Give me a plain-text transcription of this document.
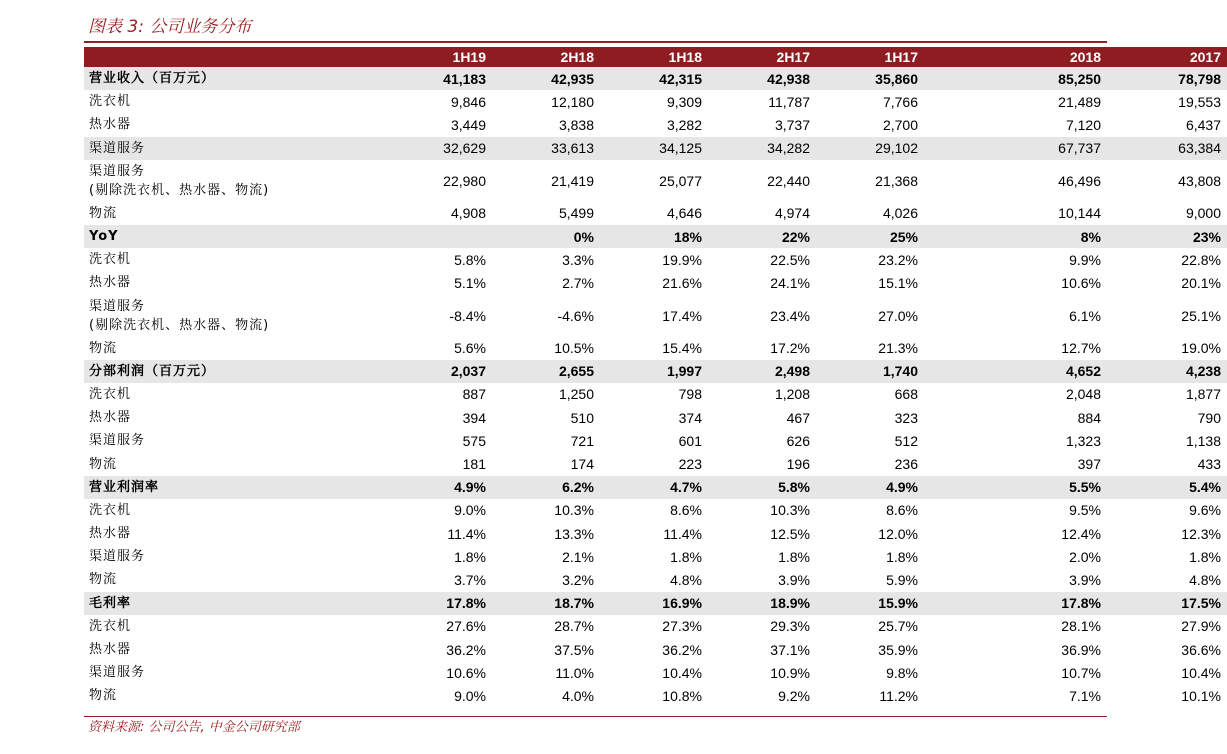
图表 3: 公司业务分布
	1H19	2H18	1H18	2H17	1H17		2018	2017

营业收入（百万元）	41,183	42,935	42,315	42,938	35,860		85,250	78,798

洗衣机	9,846	12,180	9,309	11,787	7,766		21,489	19,553

热水器	3,449	3,838	3,282	3,737	2,700		7,120	6,437

渠道服务	32,629	33,613	34,125	34,282	29,102		67,737	63,384

渠道服务
(剔除洗衣机、热水器、物流)	22,980	21,419	25,077	22,440	21,368		46,496	43,808

物流	4,908	5,499	4,646	4,974	4,026		10,144	9,000

YoY		0%	18%	22%	25%		8%	23%

洗衣机	5.8%	3.3%	19.9%	22.5%	23.2%		9.9%	22.8%

热水器	5.1%	2.7%	21.6%	24.1%	15.1%		10.6%	20.1%

渠道服务
(剔除洗衣机、热水器、物流)	-8.4%	-4.6%	17.4%	23.4%	27.0%		6.1%	25.1%

物流	5.6%	10.5%	15.4%	17.2%	21.3%		12.7%	19.0%

分部利润（百万元）	2,037	2,655	1,997	2,498	1,740		4,652	4,238

洗衣机	887	1,250	798	1,208	668		2,048	1,877

热水器	394	510	374	467	323		884	790

渠道服务	575	721	601	626	512		1,323	1,138

物流	181	174	223	196	236		397	433

营业利润率	4.9%	6.2%	4.7%	5.8%	4.9%		5.5%	5.4%

洗衣机	9.0%	10.3%	8.6%	10.3%	8.6%		9.5%	9.6%

热水器	11.4%	13.3%	11.4%	12.5%	12.0%		12.4%	12.3%

渠道服务	1.8%	2.1%	1.8%	1.8%	1.8%		2.0%	1.8%

物流	3.7%	3.2%	4.8%	3.9%	5.9%		3.9%	4.8%

毛利率	17.8%	18.7%	16.9%	18.9%	15.9%		17.8%	17.5%

洗衣机	27.6%	28.7%	27.3%	29.3%	25.7%		28.1%	27.9%

热水器	36.2%	37.5%	36.2%	37.1%	35.9%		36.9%	36.6%

渠道服务	10.6%	11.0%	10.4%	10.9%	9.8%		10.7%	10.4%

物流	9.0%	4.0%	10.8%	9.2%	11.2%		7.1%	10.1%
资料来源: 公司公告, 中金公司研究部
